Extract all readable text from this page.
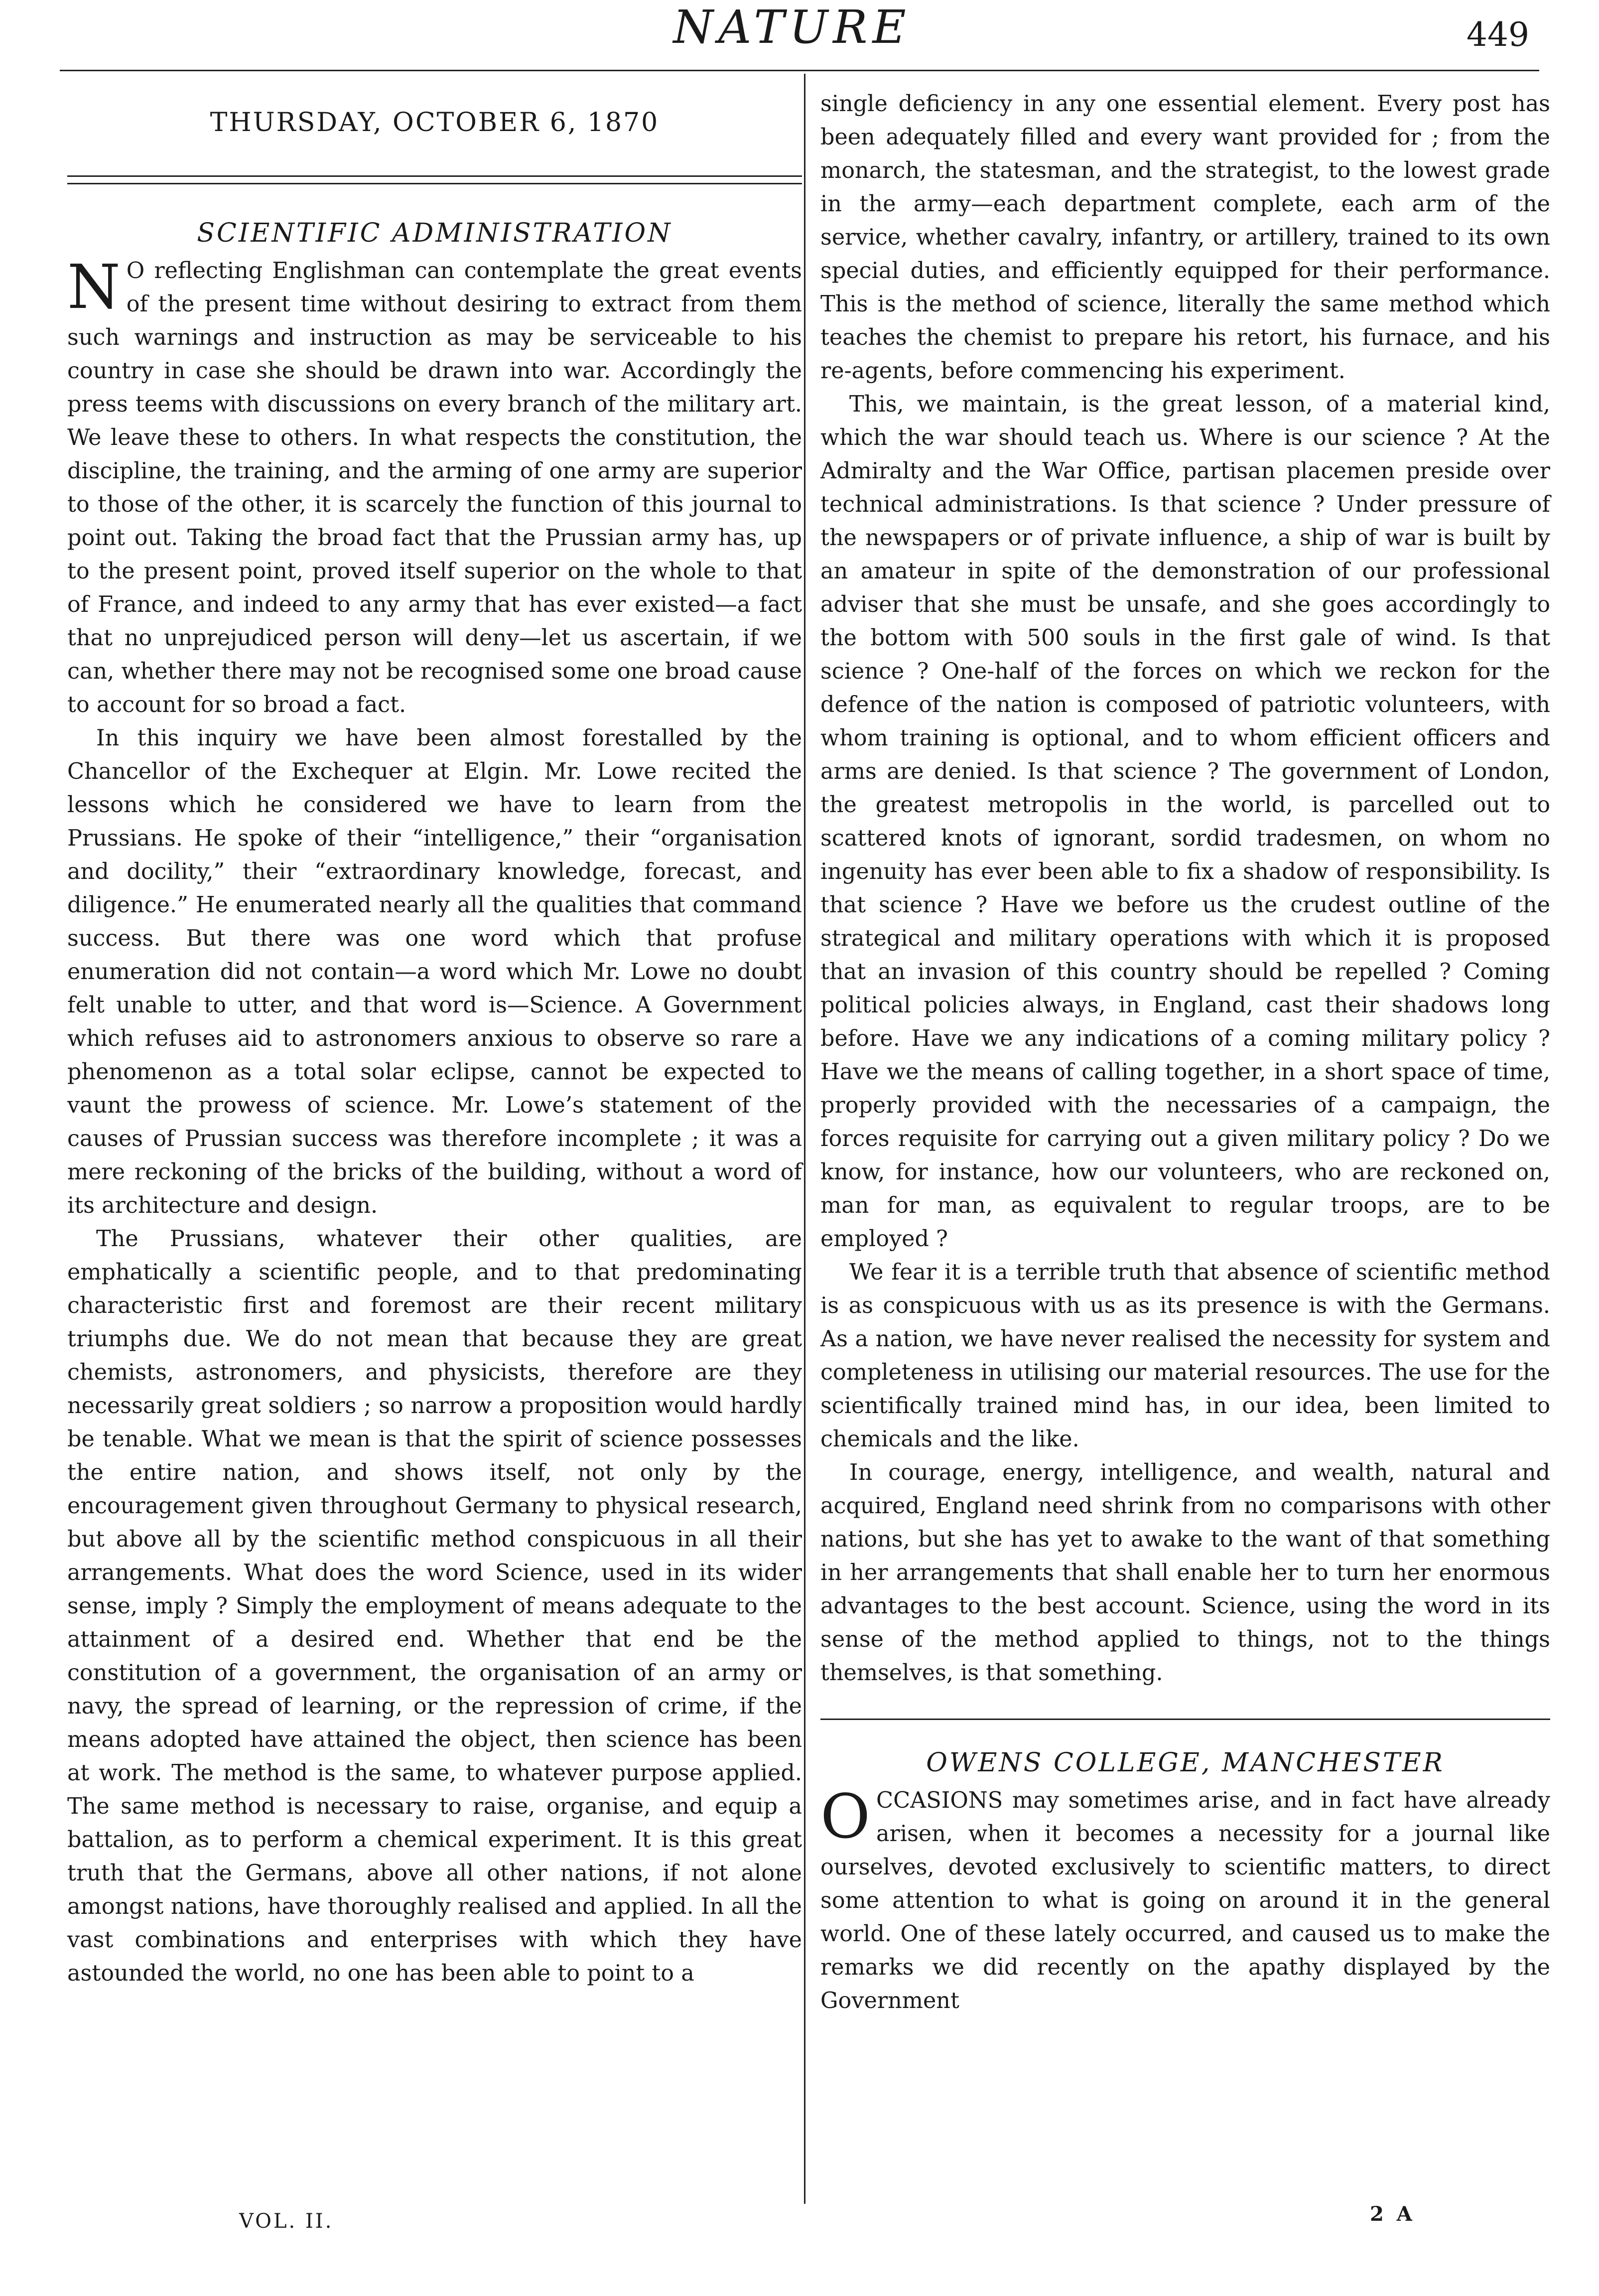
NATURE	449
THURSDAY, OCTOBER 6, 1870
SCIENTIFIC ADMINISTRATION

N O reflecting Englishman can contemplate the great events of the present time without desiring to extract from them such warnings and instruction as may be serviceable to his country in case she should be drawn into war. Accordingly the press teems with discussions on every branch of the military art. We leave these to others. In what respects the constitution, the discipline, the training, and the arming of one army are superior to those of the other, it is scarcely the function of this journal to point out. Taking the broad fact that the Prussian army has, up to the present point, proved itself superior on the whole to that of France, and indeed to any army that has ever existed—a fact that no unprejudiced person will deny—let us ascertain, if we can, whether there may not be recognised some one broad cause to account for so broad a fact.

In this inquiry we have been almost forestalled by the Chancellor of the Exchequer at Elgin. Mr. Lowe recited the lessons which he considered we have to learn from the Prussians. He spoke of their “intelligence,” their “organisation and docility,” their “extraordinary knowledge, forecast, and diligence.” He enumerated nearly all the qualities that command success. But there was one word which that profuse enumeration did not contain—a word which Mr. Lowe no doubt felt unable to utter, and that word is—Science. A Government which refuses aid to astronomers anxious to observe so rare a phenomenon as a total solar eclipse, cannot be expected to vaunt the prowess of science. Mr. Lowe’s statement of the causes of Prussian success was therefore incomplete ; it was a mere reckoning of the bricks of the building, without a word of its architecture and design.

The Prussians, whatever their other qualities, are emphatically a scientific people, and to that predominating characteristic first and foremost are their recent military triumphs due. We do not mean that because they are great chemists, astronomers, and physicists, therefore are they necessarily great soldiers ; so narrow a proposition would hardly be tenable. What we mean is that the spirit of science possesses the entire nation, and shows itself, not only by the encouragement given throughout Germany to physical research, but above all by the scientific method conspicuous in all their arrangements. What does the word Science, used in its wider sense, imply ? Simply the employment of means adequate to the attainment of a desired end. Whether that end be the constitution of a government, the organisation of an army or navy, the spread of learning, or the repression of crime, if the means adopted have attained the object, then science has been at work. The method is the same, to whatever purpose applied. The same method is necessary to raise, organise, and equip a battalion, as to perform a chemical experiment. It is this great truth that the Germans, above all other nations, if not alone amongst nations, have thoroughly realised and applied. In all the vast combinations and enterprises with which they have astounded the world, no one has been able to point to a

single deficiency in any one essential element. Every post has been adequately filled and every want provided for ; from the monarch, the statesman, and the strategist, to the lowest grade in the army—each department complete, each arm of the service, whether cavalry, infantry, or artillery, trained to its own special duties, and efficiently equipped for their performance. This is the method of science, literally the same method which teaches the chemist to prepare his retort, his furnace, and his re-agents, before commencing his experiment.

This, we maintain, is the great lesson, of a material kind, which the war should teach us. Where is our science ? At the Admiralty and the War Office, partisan placemen preside over technical administrations. Is that science ? Under pressure of the newspapers or of private influence, a ship of war is built by an amateur in spite of the demonstration of our professional adviser that she must be unsafe, and she goes accordingly to the bottom with 500 souls in the first gale of wind. Is that science ? One-half of the forces on which we reckon for the defence of the nation is composed of patriotic volunteers, with whom training is optional, and to whom efficient officers and arms are denied. Is that science ? The government of London, the greatest metropolis in the world, is parcelled out to scattered knots of ignorant, sordid tradesmen, on whom no ingenuity has ever been able to fix a shadow of responsibility. Is that science ? Have we before us the crudest outline of the strategical and military operations with which it is proposed that an invasion of this country should be repelled ? Coming political policies always, in England, cast their shadows long before. Have we any indications of a coming military policy ? Have we the means of calling together, in a short space of time, properly provided with the necessaries of a campaign, the forces requisite for carrying out a given military policy ? Do we know, for instance, how our volunteers, who are reckoned on, man for man, as equivalent to regular troops, are to be employed ?

We fear it is a terrible truth that absence of scientific method is as conspicuous with us as its presence is with the Germans. As a nation, we have never realised the necessity for system and completeness in utilising our material resources. The use for the scientifically trained mind has, in our idea, been limited to chemicals and the like.

In courage, energy, intelligence, and wealth, natural and acquired, England need shrink from no comparisons with other nations, but she has yet to awake to the want of that something in her arrangements that shall enable her to turn her enormous advantages to the best account. Science, using the word in its sense of the method applied to things, not to the things themselves, is that something.

OWENS COLLEGE, MANCHESTER

OCCASIONS may sometimes arise, and in fact have already arisen, when it becomes a necessity for a journal like ourselves, devoted exclusively to scientific matters, to direct some attention to what is going on around it in the general world. One of these lately occurred, and caused us to make the remarks we did recently on the apathy displayed by the Government

VOL. II.	2 A
